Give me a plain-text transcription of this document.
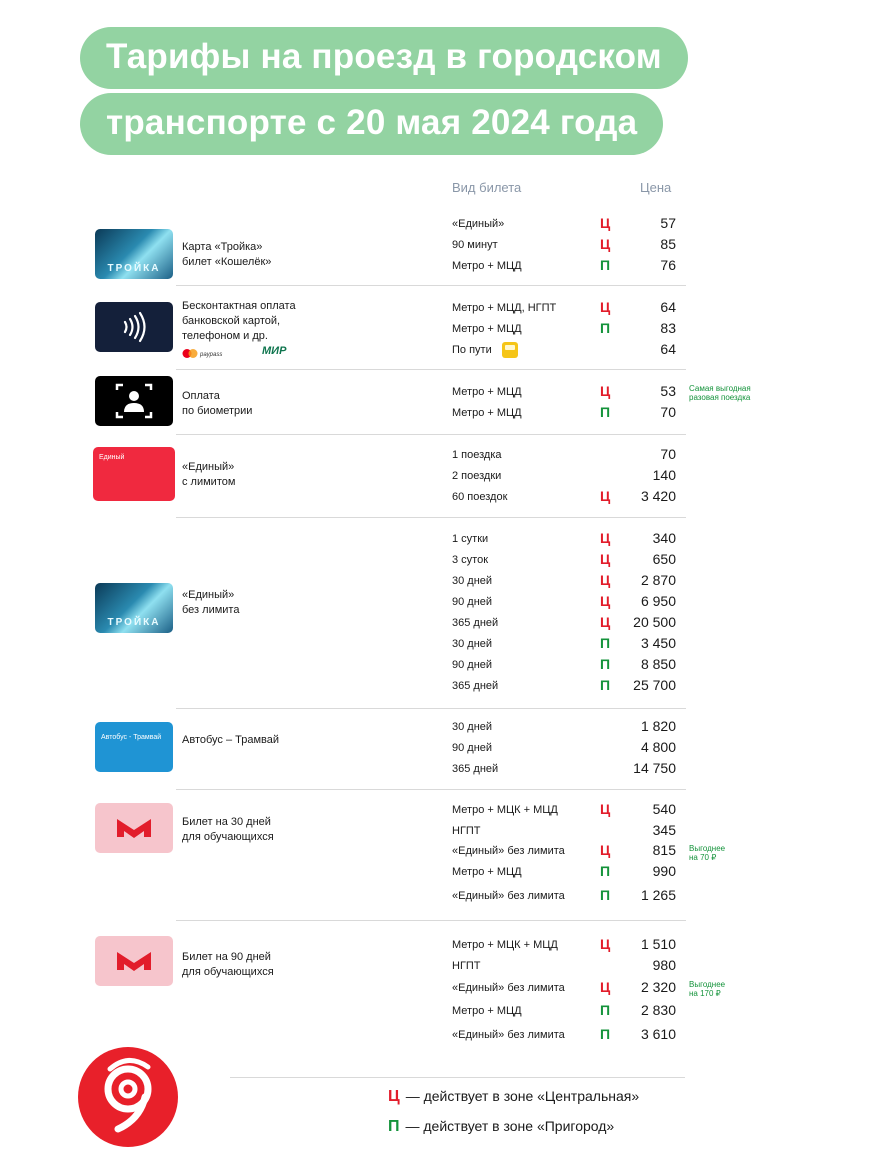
Тарифы на проезд в городском
транспорте с 20 мая 2024 года
Вид билета	Цена
ТРОЙКА
Карта «Тройка»
билет «Кошелёк»
«Единый»	Ц	57
90 минут	Ц	85
Метро + МЦД	П	76
Бесконтактная оплата
банковской картой,
телефоном и др.
paypass	МИР
Метро + МЦД, НГПТ	Ц	64
Метро + МЦД	П	83
По пути	64
Оплата
по биометрии
Метро + МЦД	Ц	53
Метро + МЦД	П	70
Самая выгодная
разовая поездка
Единый
«Единый»
с лимитом
1 поездка	70
2 поездки	140
60 поездок	Ц 3 420
ТРОЙКА
«Единый»
без лимита
1 сутки	Ц	340
3 суток	Ц	650
30 дней	Ц 2 870
90 дней	Ц 6 950
365 дней	Ц 20 500
30 дней	П 3 450
90 дней	П 8 850
365 дней	П 25 700
Автобус - Трамвай Автобус – Трамвай
30 дней	1 820
90 дней	4 800
365 дней	14 750
Билет на 30 дней
для обучающихся
Метро + МЦК + МЦД	Ц	540
НГПТ	345
«Единый» без лимита	Ц	815
Метро + МЦД	П	990
«Единый» без лимита	П 1 265
Выгоднее
на 70 ₽
Билет на 90 дней
для обучающихся
Метро + МЦК + МЦД	Ц 1 510
НГПТ	980
«Единый» без лимита	Ц 2 320
Метро + МЦД	П 2 830
«Единый» без лимита	П 3 610
Выгоднее
на 170 ₽
Ц — действует в зоне «Центральная»
П — действует в зоне «Пригород»
